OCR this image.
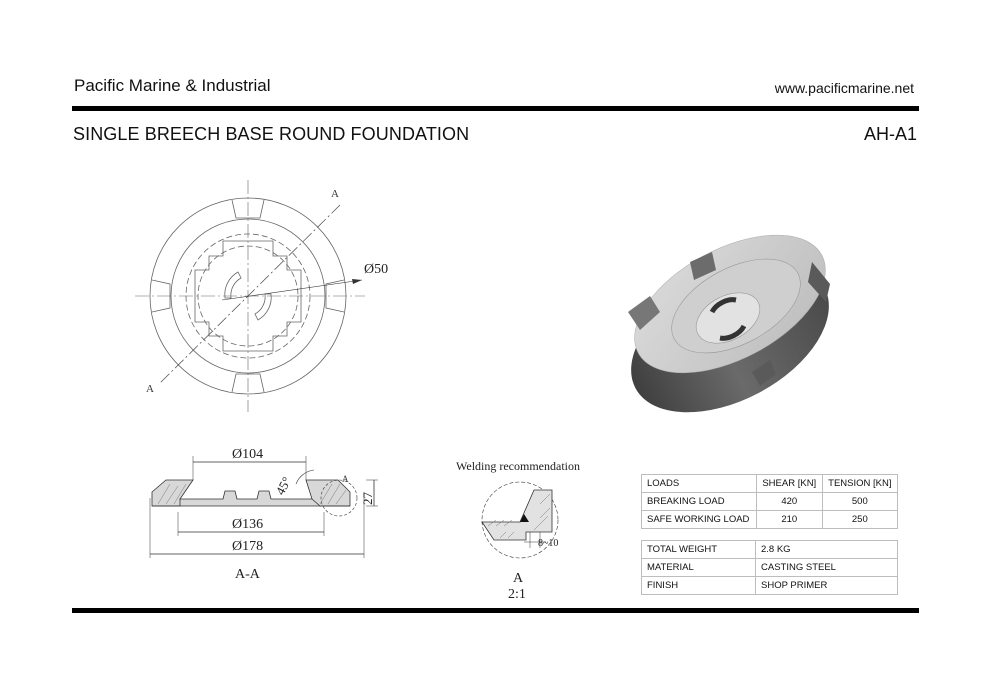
Pacific Marine & Industrial	www.pacificmarine.net
SINGLE BREECH BASE ROUND FOUNDATION	AH-A1
A
A
Ø50
Ø104
Ø136
Ø178
45°
27
A
A-A
Welding recommendation
8~10
A
2:1
LOADS	SHEAR [KN]	TENSION [KN]
BREAKING LOAD	420	500
SAFE WORKING LOAD	210	250
TOTAL WEIGHT	2.8 KG
MATERIAL	CASTING STEEL
FINISH	SHOP PRIMER
